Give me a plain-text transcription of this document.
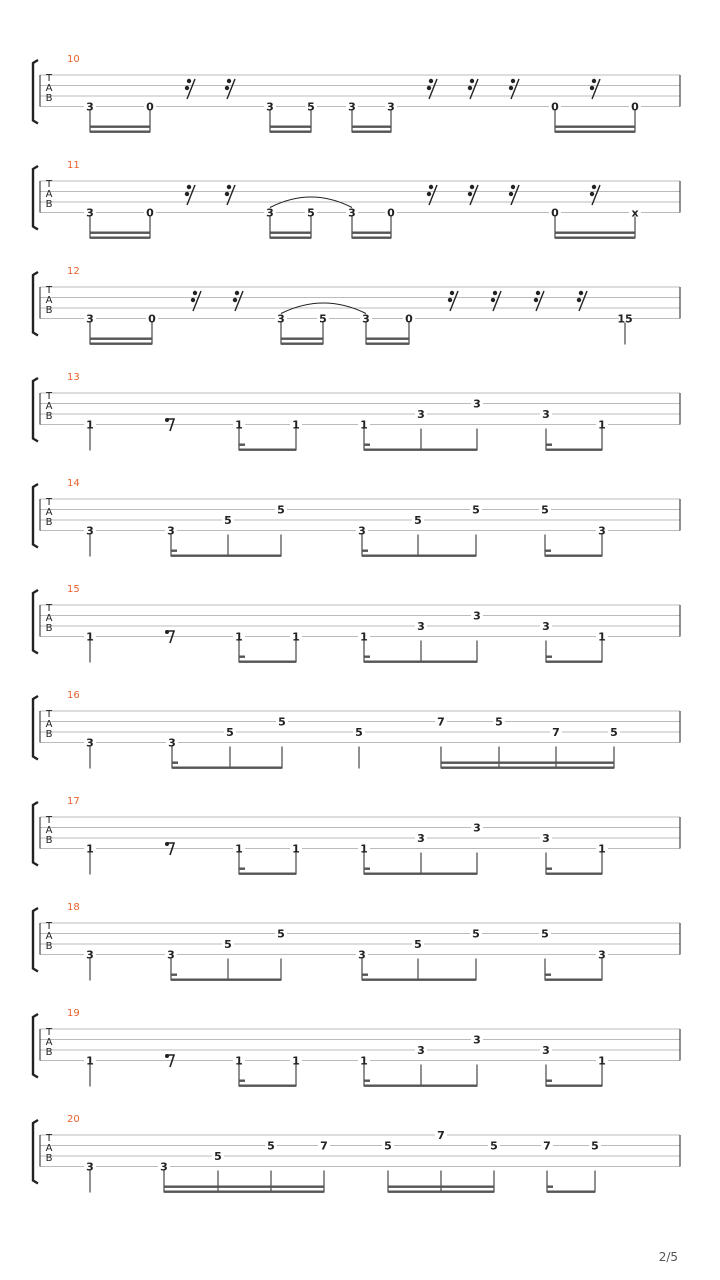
T
A
B
10
3	0	3	5	3	3	0	0
T
A
B
11
3	0	3	5	3	0	0	x
T
A
B
12
3	0	3	5	3	0	15
T
A
B
13
1	1	1	1
3
3
3
1
T
A
B
14
3	3
5
5
3
5
5	5
3
T
A
B
15
1	1	1	1
3
3
3
1
T
A
B
16
3	3
5
5
5
7	5
7	5
T
A
B
17
1	1	1	1
3
3
3
1
T
A
B
18
3	3
5
5
3
5
5	5
3
T
A
B
19
1	1	1	1
3
3
3
1
T
A
B
20
3	3
5
5	7	5
7
5	7	5
2/5
